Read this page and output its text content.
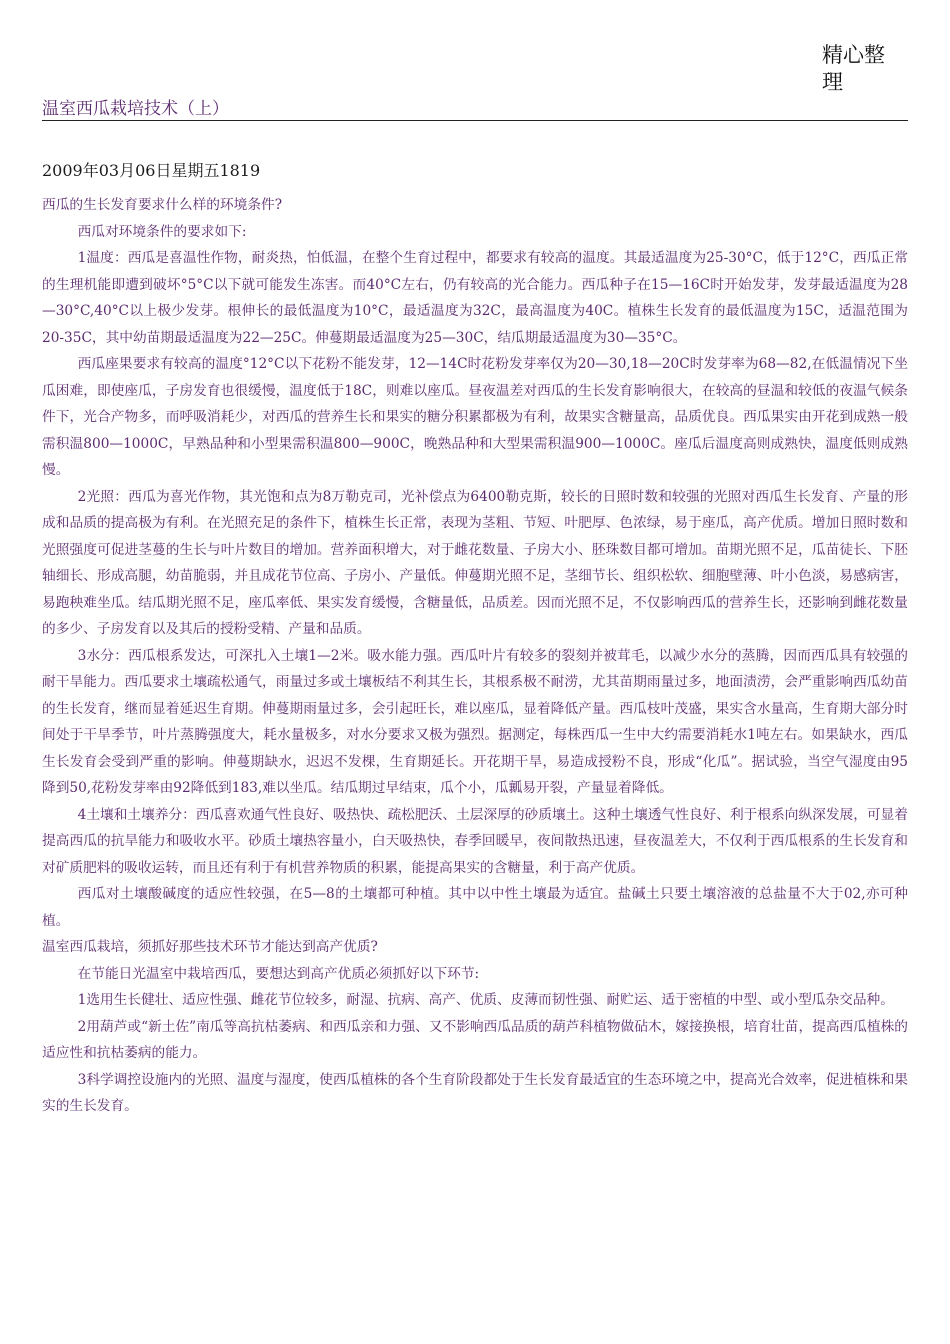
精心整理
温室西瓜栽培技术（上）
2009年03月06日星期五1819

西瓜的生长发育要求什么样的环境条件?

西瓜对环境条件的要求如下:

1温度：西瓜是喜温性作物，耐炎热，怕低温，在整个生育过程中，都要求有较高的温度。其最适温度为25-30°C，低于12°C，西瓜正常的生理机能即遭到破坏°5°C以下就可能发生冻害。而40°C左右，仍有较高的光合能力。西瓜种子在15—16C时开始发芽，发芽最适温度为28—30°C,40°C以上极少发芽。根伸长的最低温度为10°C，最适温度为32C，最高温度为40C。植株生长发育的最低温度为15C，适温范围为20-35C，其中幼苗期最适温度为22—25C。伸蔓期最适温度为25—30C，结瓜期最适温度为30—35°C。

西瓜座果要求有较高的温度°12°C以下花粉不能发芽，12—14C时花粉发芽率仅为20—30,18—20C时发芽率为68—82,在低温情况下坐瓜困难，即使座瓜，子房发育也很缓慢，温度低于18C，则难以座瓜。昼夜温差对西瓜的生长发育影响很大，在较高的昼温和较低的夜温气候条件下，光合产物多，而呼吸消耗少，对西瓜的营养生长和果实的糖分积累都极为有利，故果实含糖量高，品质优良。西瓜果实由开花到成熟一般需积温800—1000C，早熟品种和小型果需积温800—900C，晚熟品种和大型果需积温900—1000C。座瓜后温度高则成熟快，温度低则成熟慢。

2光照：西瓜为喜光作物，其光饱和点为8万勒克司，光补偿点为6400勒克斯，较长的日照时数和较强的光照对西瓜生长发育、产量的形成和品质的提高极为有利。在光照充足的条件下，植株生长正常，表现为茎粗、节短、叶肥厚、色浓绿，易于座瓜，高产优质。增加日照时数和光照强度可促进茎蔓的生长与叶片数目的增加。营养面积增大，对于雌花数量、子房大小、胚珠数目都可增加。苗期光照不足，瓜苗徒长、下胚轴细长、形成高腿，幼苗脆弱，并且成花节位高、子房小、产量低。伸蔓期光照不足，茎细节长、组织松软、细胞壁薄、叶小色淡，易感病害，易跑秧难坐瓜。结瓜期光照不足，座瓜率低、果实发育缓慢，含糖量低，品质差。因而光照不足，不仅影响西瓜的营养生长，还影响到雌花数量的多少、子房发育以及其后的授粉受精、产量和品质。

3水分：西瓜根系发达，可深扎入土壤1—2米。吸水能力强。西瓜叶片有较多的裂刻并被茸毛，以减少水分的蒸腾，因而西瓜具有较强的耐干旱能力。西瓜要求土壤疏松通气，雨量过多或土壤板结不利其生长，其根系极不耐涝，尤其苗期雨量过多，地面渍涝，会严重影响西瓜幼苗的生长发育，继而显着延迟生育期。伸蔓期雨量过多，会引起旺长，难以座瓜，显着降低产量。西瓜枝叶茂盛，果实含水量高，生育期大部分时间处于干旱季节，叶片蒸腾强度大，耗水量极多，对水分要求又极为强烈。据测定，每株西瓜一生中大约需要消耗水1吨左右。如果缺水，西瓜生长发育会受到严重的影响。伸蔓期缺水，迟迟不发棵，生育期延长。开花期干旱，易造成授粉不良，形成“化瓜”。据试验，当空气湿度由95降到50,花粉发芽率由92降低到183,难以坐瓜。结瓜期过早结束，瓜个小，瓜瓤易开裂，产量显着降低。

4土壤和土壤养分：西瓜喜欢通气性良好、吸热快、疏松肥沃、土层深厚的砂质壤土。这种土壤透气性良好、利于根系向纵深发展，可显着提高西瓜的抗旱能力和吸收水平。砂质土壤热容量小，白天吸热快，春季回暖早，夜间散热迅速，昼夜温差大，不仅利于西瓜根系的生长发育和对矿质肥料的吸收运转，而且还有利于有机营养物质的积累，能提高果实的含糖量，利于高产优质。

西瓜对土壤酸碱度的适应性较强，在5—8的土壤都可种植。其中以中性土壤最为适宜。盐碱土只要土壤溶液的总盐量不大于02,亦可种植。

温室西瓜栽培，须抓好那些技术环节才能达到高产优质?

在节能日光温室中栽培西瓜，要想达到高产优质必须抓好以下环节:

1选用生长健壮、适应性强、雌花节位较多，耐湿、抗病、高产、优质、皮薄而韧性强、耐贮运、适于密植的中型、或小型瓜杂交品种。

2用葫芦或“新土佐”南瓜等高抗枯萎病、和西瓜亲和力强、又不影响西瓜品质的葫芦科植物做砧木，嫁接换根，培育壮苗，提高西瓜植株的适应性和抗枯萎病的能力。

3科学调控设施内的光照、温度与湿度，使西瓜植株的各个生育阶段都处于生长发育最适宜的生态环境之中，提高光合效率，促进植株和果实的生长发育。
